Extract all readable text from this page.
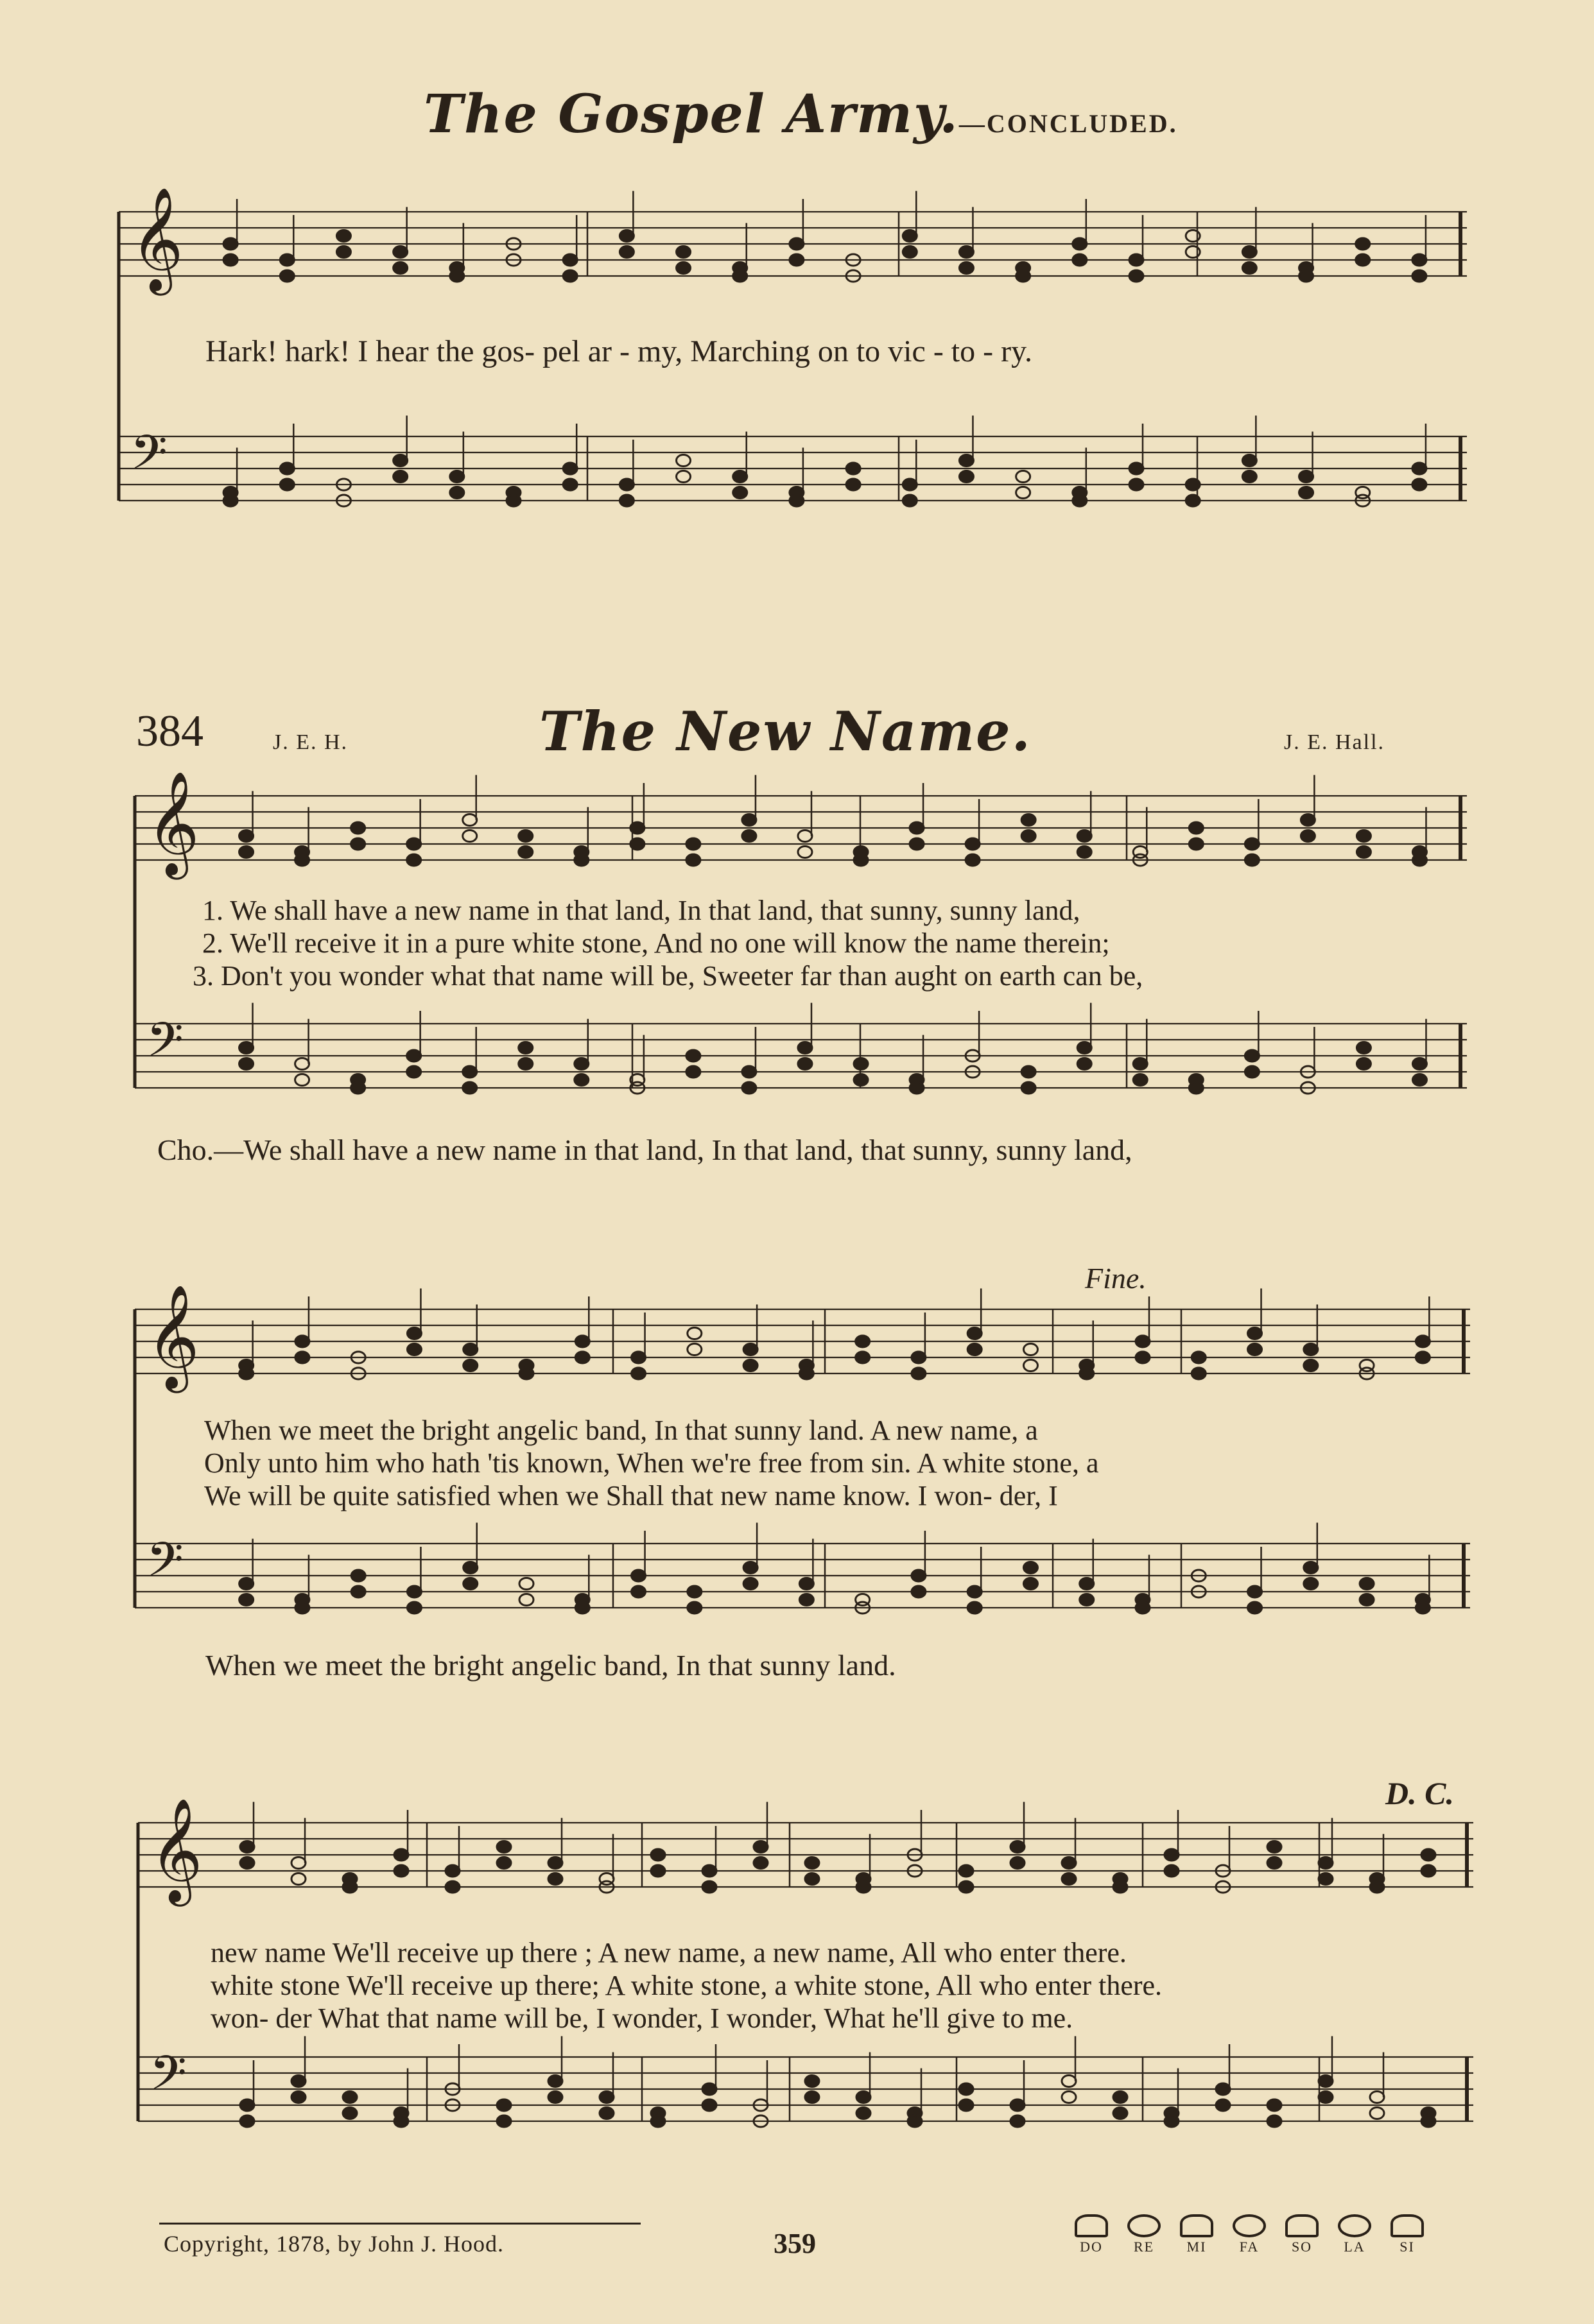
The Gospel Army.—CONCLUDED.
𝄞
𝄢
𝄞
𝄢
𝄞
𝄢
𝄞
𝄢
Hark! hark! I hear the gos- pel ar - my, Marching on to vic - to - ry.
384	J. E. H.	The New Name.	J. E. Hall.
1. We shall have a new name in that land, In that land, that sunny, sunny land,
2. We'll receive it in a pure white stone, And no one will know the name therein;
3. Don't you wonder what that name will be, Sweeter far than aught on earth can be,
Cho.—We shall have a new name in that land, In that land, that sunny, sunny land,
Fine.
When we meet the bright angelic band, In that sunny land. A new name, a
Only unto him who hath 'tis known, When we're free from sin. A white stone, a
We will be quite satisfied when we Shall that new name know. I won- der, I
When we meet the bright angelic band, In that sunny land.
D. C.
new name We'll receive up there ; A new name, a new name, All who enter there.
white stone We'll receive up there; A white stone, a white stone, All who enter there.
won- der What that name will be, I wonder, I wonder, What he'll give to me.
Copyright, 1878, by John J. Hood.	359	DO	RE	MI	FA	SO	LA	SI
